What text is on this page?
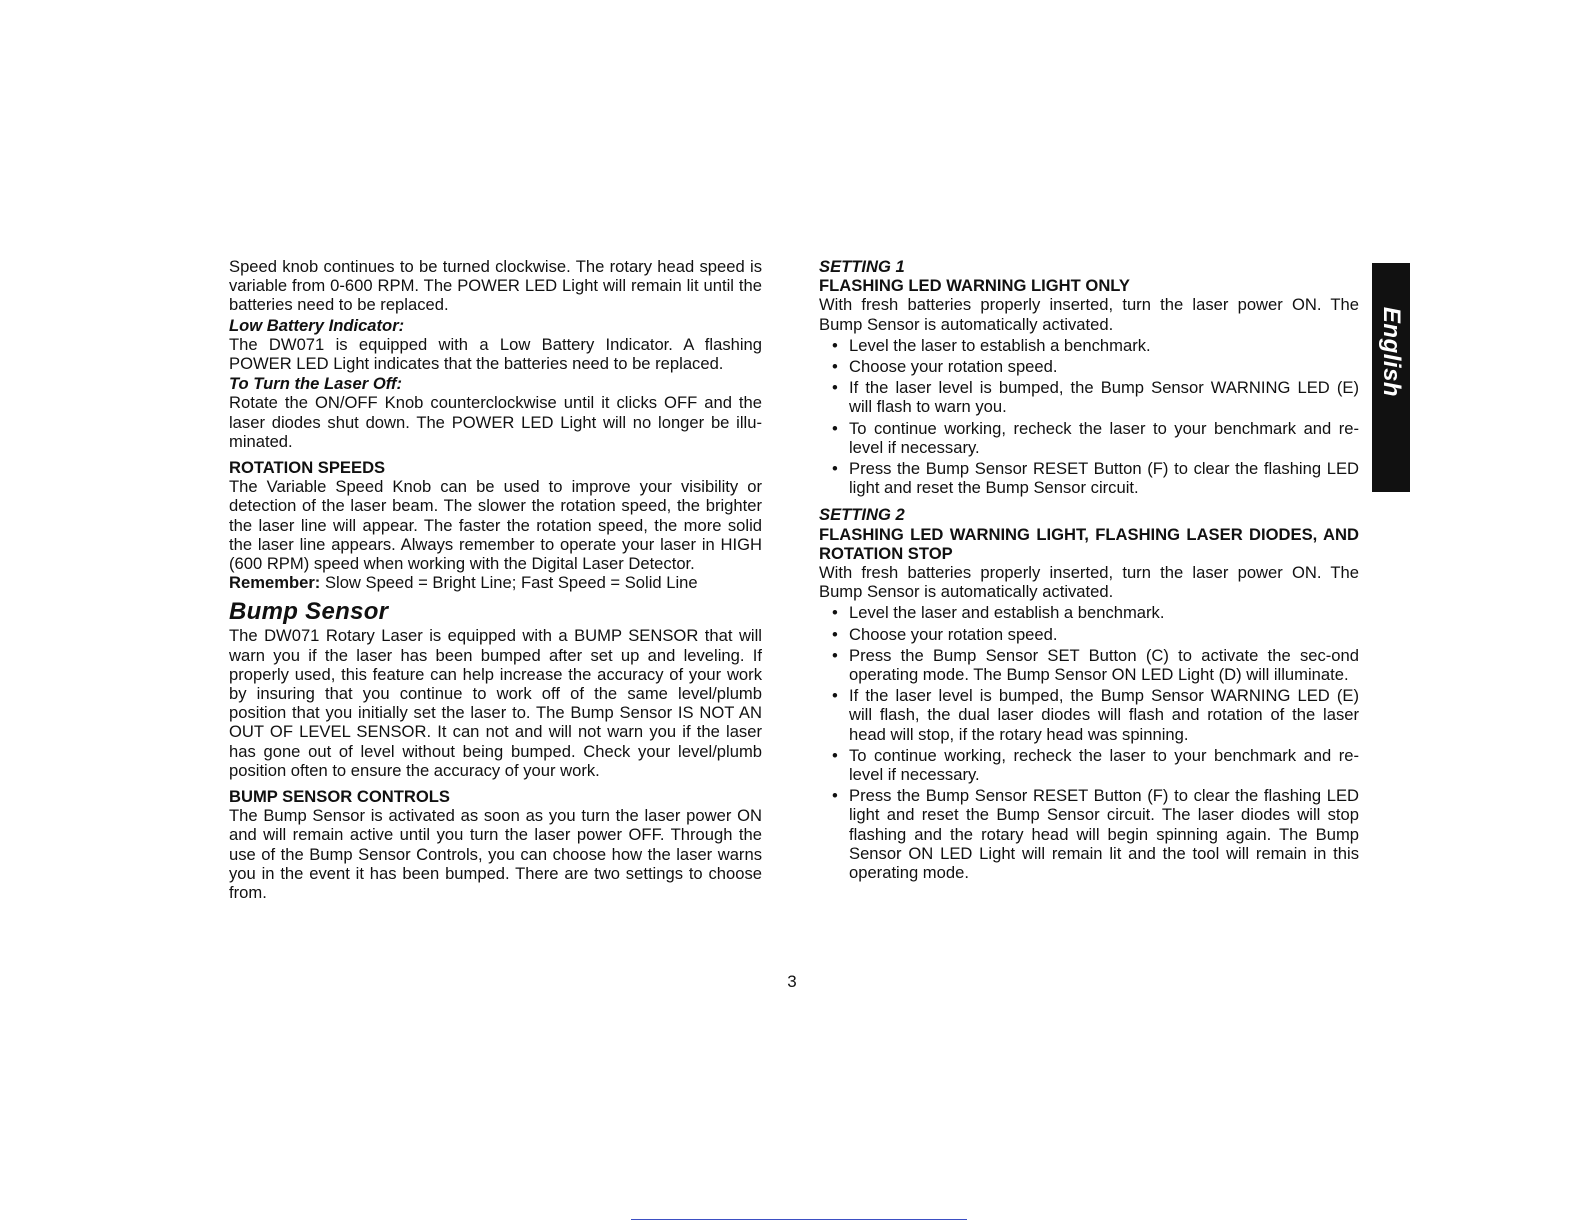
Speed knob continues to be turned clockwise. The rotary head speed is variable from 0-600 RPM. The POWER LED Light will remain lit until the batteries need to be replaced.

Low Battery Indicator:

The DW071 is equipped with a Low Battery Indicator. A flashing POWER LED Light indicates that the batteries need to be replaced.

To Turn the Laser Off:

Rotate the ON/OFF Knob counterclockwise until it clicks OFF and the laser diodes shut down. The POWER LED Light will no longer be illu-minated.

ROTATION SPEEDS

The Variable Speed Knob can be used to improve your visibility or detection of the laser beam. The slower the rotation speed, the brighter the laser line will appear. The faster the rotation speed, the more solid the laser line appears. Always remember to operate your laser in HIGH (600 RPM) speed when working with the Digital Laser Detector.

Remember: Slow Speed = Bright Line; Fast Speed = Solid Line

Bump Sensor

The DW071 Rotary Laser is equipped with a BUMP SENSOR that will warn you if the laser has been bumped after set up and leveling. If properly used, this feature can help increase the accuracy of your work by insuring that you continue to work off of the same level/plumb position that you initially set the laser to. The Bump Sensor IS NOT AN OUT OF LEVEL SENSOR. It can not and will not warn you if the laser has gone out of level without being bumped. Check your level/plumb position often to ensure the accuracy of your work.

BUMP SENSOR CONTROLS

The Bump Sensor is activated as soon as you turn the laser power ON and will remain active until you turn the laser power OFF. Through the use of the Bump Sensor Controls, you can choose how the laser warns you in the event it has been bumped. There are two settings to choose from.

SETTING 1
FLASHING LED WARNING LIGHT ONLY

With fresh batteries properly inserted, turn the laser power ON. The Bump Sensor is automatically activated.

• Level the laser to establish a benchmark.
• Choose your rotation speed.
• If the laser level is bumped, the Bump Sensor WARNING LED (E) will flash to warn you.
• To continue working, recheck the laser to your benchmark and re-level if necessary.
• Press the Bump Sensor RESET Button (F) to clear the flashing LED light and reset the Bump Sensor circuit.
SETTING 2
FLASHING LED WARNING LIGHT, FLASHING LASER DIODES, AND ROTATION STOP

With fresh batteries properly inserted, turn the laser power ON. The Bump Sensor is automatically activated.

• Level the laser and establish a benchmark.
• Choose your rotation speed.
• Press the Bump Sensor SET Button (C) to activate the sec-ond operating mode. The Bump Sensor ON LED Light (D) will illuminate.
• If the laser level is bumped, the Bump Sensor WARNING LED (E) will flash, the dual laser diodes will flash and rotation of the laser head will stop, if the rotary head was spinning.
• To continue working, recheck the laser to your benchmark and re-level if necessary.
• Press the Bump Sensor RESET Button (F) to clear the flashing LED light and reset the Bump Sensor circuit. The laser diodes will stop flashing and the rotary head will begin spinning again. The Bump Sensor ON LED Light will remain lit and the tool will remain in this operating mode.
English
3
